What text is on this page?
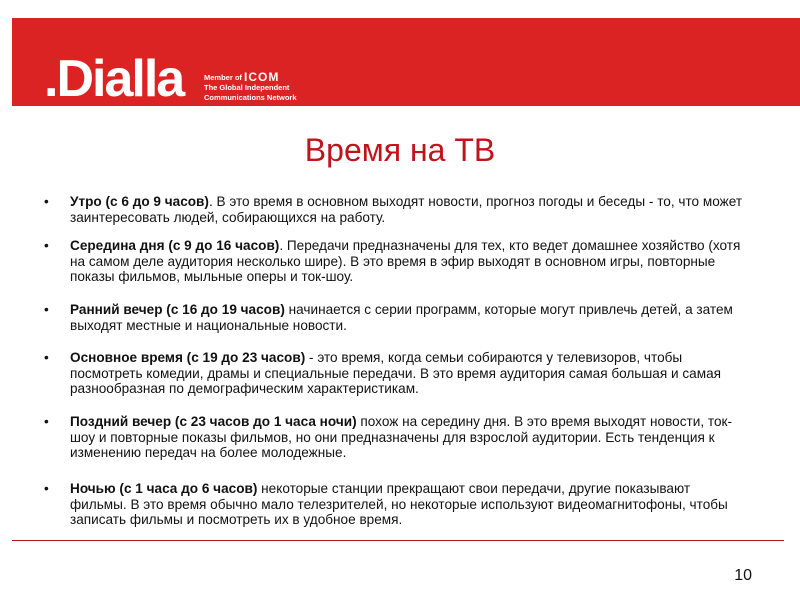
.Dialla	Member of ICOM
The Global Independent
Communications Network
Время на ТВ
•	Утро (с 6 до 9 часов). В это время в основном выходят новости, прогноз погоды и беседы - то, что может заинтересовать людей, собирающихся на работу.
•	Середина дня (с 9 до 16 часов). Передачи предназначены для тех, кто ведет домашнее хозяйство (хотя на самом деле аудитория несколько шире). В это время в эфир выходят в основном игры, повторные показы фильмов, мыльные оперы и ток-шоу.
•	Ранний вечер (с 16 до 19 часов) начинается с серии программ, которые могут привлечь детей, а затем выходят местные и национальные новости.
•	Основное время (с 19 до 23 часов) - это время, когда семьи собираются у телевизоров, чтобы посмотреть комедии, драмы и специальные передачи. В это время аудитория самая большая и самая разнообразная по демографическим характеристикам.
•	Поздний вечер (с 23 часов до 1 часа ночи) похож на середину дня. В это время выходят новости, ток-шоу и повторные показы фильмов, но они предназначены для взрослой аудитории. Есть тенденция к изменению передач на более молодежные.
•	Ночью (с 1 часа до 6 часов) некоторые станции прекращают свои передачи, другие показывают фильмы. В это время обычно мало телезрителей, но некоторые используют видеомагнитофоны, чтобы записать фильмы и посмотреть их в удобное время.
10
